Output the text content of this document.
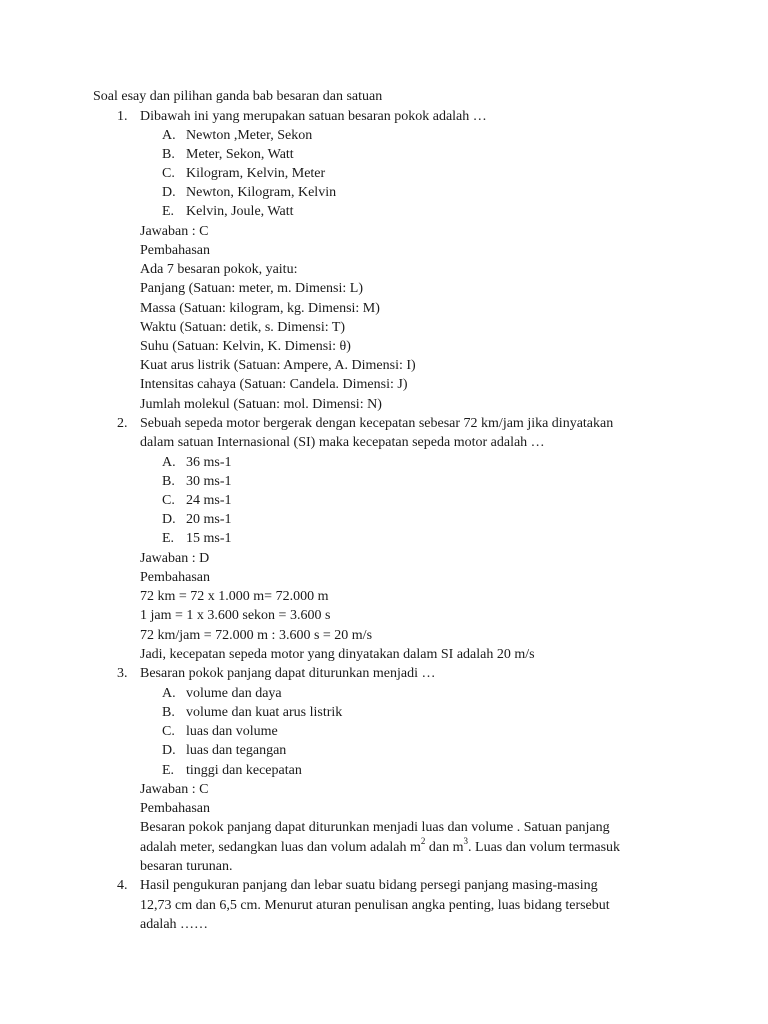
Soal esay dan pilihan ganda bab besaran dan satuan
1. Dibawah ini yang merupakan satuan besaran pokok adalah …
A. Newton ,Meter, Sekon
B. Meter, Sekon, Watt
C. Kilogram, Kelvin, Meter
D. Newton, Kilogram, Kelvin
E. Kelvin, Joule, Watt
Jawaban : C
Pembahasan
Ada 7 besaran pokok, yaitu:
Panjang (Satuan: meter, m. Dimensi: L)
Massa (Satuan: kilogram, kg. Dimensi: M)
Waktu (Satuan: detik, s. Dimensi: T)
Suhu (Satuan: Kelvin, K. Dimensi: θ)
Kuat arus listrik (Satuan: Ampere, A. Dimensi: I)
Intensitas cahaya (Satuan: Candela. Dimensi: J)
Jumlah molekul (Satuan: mol. Dimensi: N)
2. Sebuah sepeda motor bergerak dengan kecepatan sebesar 72 km/jam jika dinyatakan
dalam satuan Internasional (SI) maka kecepatan sepeda motor adalah …
A. 36 ms-1
B. 30 ms-1
C. 24 ms-1
D. 20 ms-1
E. 15 ms-1
Jawaban : D
Pembahasan
72 km = 72 x 1.000 m= 72.000 m
1 jam = 1 x 3.600 sekon = 3.600 s
72 km/jam = 72.000 m : 3.600 s = 20 m/s
Jadi, kecepatan sepeda motor yang dinyatakan dalam SI adalah 20 m/s
3. Besaran pokok panjang dapat diturunkan menjadi …
A. volume dan daya
B. volume dan kuat arus listrik
C. luas dan volume
D. luas dan tegangan
E. tinggi dan kecepatan
Jawaban : C
Pembahasan
Besaran pokok panjang dapat diturunkan menjadi luas dan volume . Satuan panjang
adalah meter, sedangkan luas dan volum adalah $m^2$ dan $m^3$. Luas dan volum termasuk
besaran turunan.
4. Hasil pengukuran panjang dan lebar suatu bidang persegi panjang masing-masing
12,73 cm dan 6,5 cm. Menurut aturan penulisan angka penting, luas bidang tersebut
adalah ……
